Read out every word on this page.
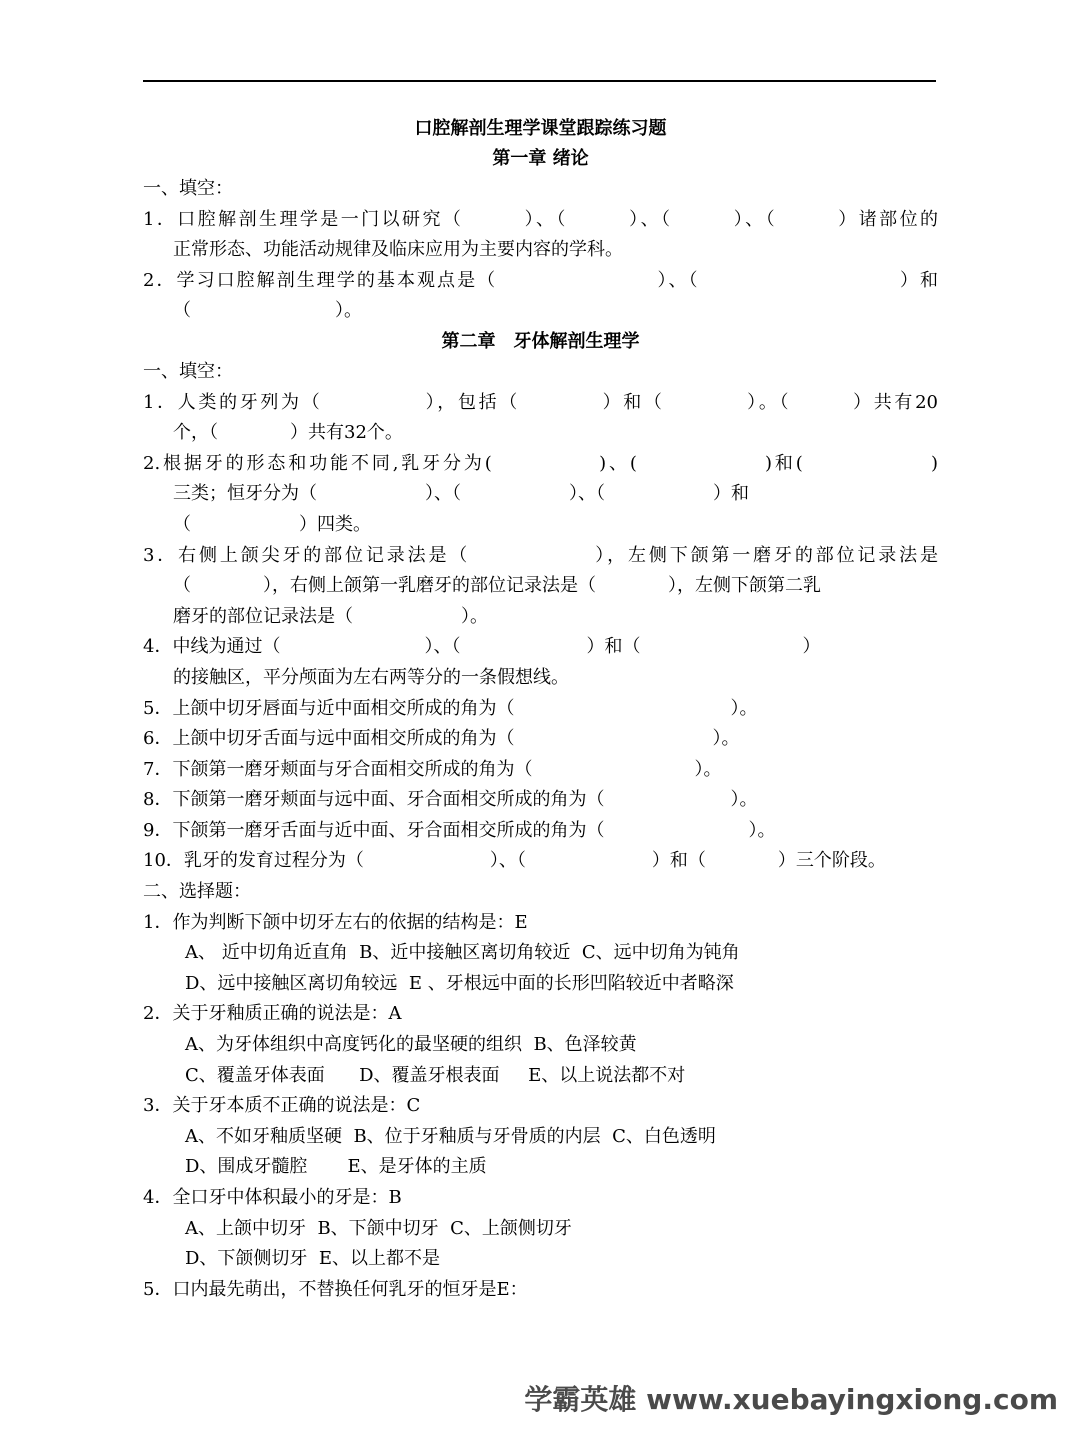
口腔解剖生理学课堂跟踪练习题
第一章 绪论
一、填空：
1．口腔解剖生理学是一门以研究（　　　）、（　　　）、（　　　）、（　　　）诸部位的
正常形态、功能活动规律及临床应用为主要内容的学科。
2．学习口腔解剖生理学的基本观点是（　　　　　　　　）、（　　　　　　　　　　）和
（　　　　　　　　）。
第二章　牙体解剖生理学
一、填空：
1．人类的牙列为（　　　　　），包括（　　　　）和（　　　　）。（　　　）共有20
个，（　　　　）共有32个。
2.根据牙的形态和功能不同,乳牙分为(　　　　　)、(　　　　　　)和(　　　　　　)
三类；恒牙分为（　　　　　　）、（　　　　　　）、（　　　　　　）和
（　　　　　　）四类。
3．右侧上颌尖牙的部位记录法是（　　　　　　），左侧下颌第一磨牙的部位记录法是
（　　　　），右侧上颌第一乳磨牙的部位记录法是（　　　　），左侧下颌第二乳
磨牙的部位记录法是（　　　　　　）。
4．中线为通过（　　　　　　　　）、（　　　　　　　）和（　　　　　　　　　）
的接触区，平分颅面为左右两等分的一条假想线。
5．上颌中切牙唇面与近中面相交所成的角为（　　　　　　　　　　　　）。
6．上颌中切牙舌面与远中面相交所成的角为（　　　　　　　　　　　）。
7．下颌第一磨牙颊面与牙合面相交所成的角为（　　　　　　　　　）。
8．下颌第一磨牙颊面与远中面、牙合面相交所成的角为（　　　　　　　）。
9．下颌第一磨牙舌面与近中面、牙合面相交所成的角为（　　　　　　　　）。
10．乳牙的发育过程分为（　　　　　　　）、（　　　　　　　）和（　　　　）三个阶段。
二、选择题：
1．作为判断下颌中切牙左右的依据的结构是：E
A、 近中切角近直角  B、近中接触区离切角较近  C、远中切角为钝角
D、远中接触区离切角较远  E 、牙根远中面的长形凹陷较近中者略深
2．关于牙釉质正确的说法是：A
A、为牙体组织中高度钙化的最坚硬的组织  B、色泽较黄
C、覆盖牙体表面      D、覆盖牙根表面     E、以上说法都不对
3．关于牙本质不正确的说法是：C
A、不如牙釉质坚硬  B、位于牙釉质与牙骨质的内层  C、白色透明
D、围成牙髓腔       E、是牙体的主质
4．全口牙中体积最小的牙是：B
A、上颌中切牙  B、下颌中切牙  C、上颌侧切牙
D、下颌侧切牙  E、以上都不是
5．口内最先萌出，不替换任何乳牙的恒牙是E：
学霸英雄 www.xuebayingxiong.com
